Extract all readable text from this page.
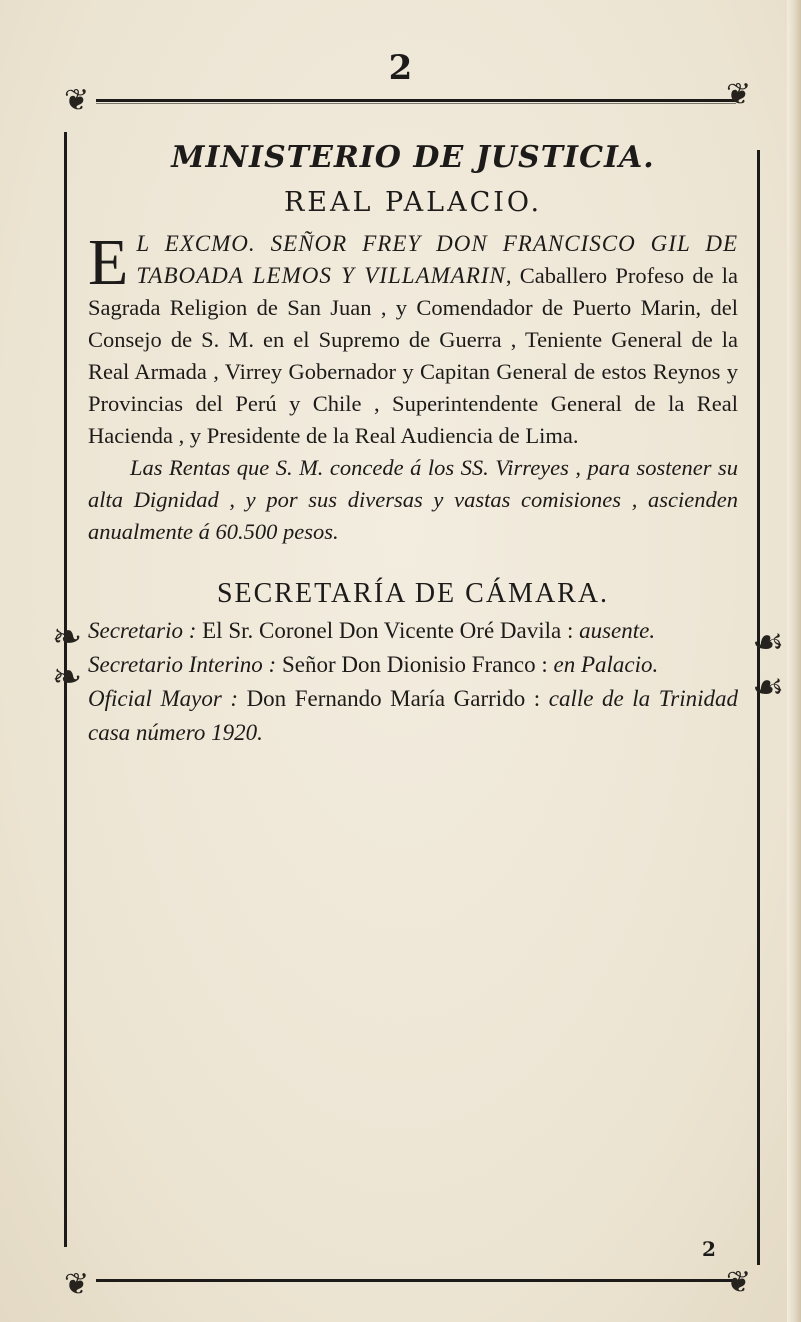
2
❦	❦
❧
❧
☙
☙
❦	❦
MINISTERIO DE JUSTICIA.
REAL PALACIO.

E L EXCMO. SEÑOR FREY DON FRANCISCO GIL DE TABOADA LEMOS Y VILLAMARIN, Caballero Profeso de la Sagrada Religion de San Juan , y Comendador de Puerto Marin, del Consejo de S. M. en el Supremo de Guerra , Teniente General de la Real Armada , Virrey Gobernador y Capitan General de estos Reynos y Provincias del Perú y Chile , Superintendente General de la Real Hacienda , y Presidente de la Real Audiencia de Lima.

Las Rentas que S. M. concede á los SS. Virreyes , para sostener su alta Dignidad , y por sus diversas y vastas comisiones , ascienden anualmente á 60.500 pesos.

SECRETARÍA DE CÁMARA.

Secretario : El Sr. Coronel Don Vicente Oré Davila : ausente.

Secretario Interino : Señor Don Dionisio Franco : en Palacio.

Oficial Mayor : Don Fernando María Garrido : calle de la Trinidad casa número 1920.

2
